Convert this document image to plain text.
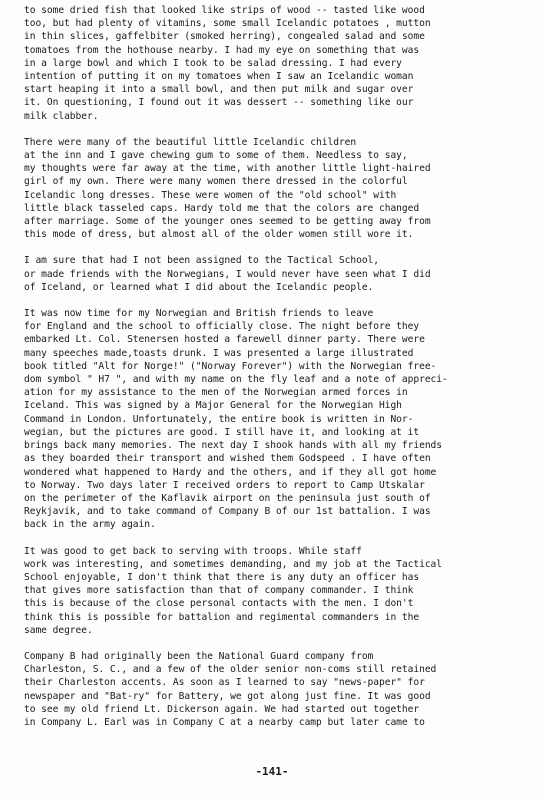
to some dried fish that looked like strips of wood -- tasted like wood
too, but had plenty of vitamins, some small Icelandic potatoes , mutton
in thin slices, gaffelbiter (smoked herring), congealed salad and some
tomatoes from the hothouse nearby. I had my eye on something that was
in a large bowl and which I took to be salad dressing. I had every
intention of putting it on my tomatoes when I saw an Icelandic woman
start heaping it into a small bowl, and then put milk and sugar over
it. On questioning, I found out it was dessert -- something like our
milk clabber.

There were many of the beautiful little Icelandic children
at the inn and I gave chewing gum to some of them. Needless to say,
my thoughts were far away at the time, with another little light-haired
girl of my own. There were many women there dressed in the colorful
Icelandic long dresses. These were women of the "old school" with
little black tasseled caps. Hardy told me that the colors are changed
after marriage. Some of the younger ones seemed to be getting away from
this mode of dress, but almost all of the older women still wore it.

I am sure that had I not been assigned to the Tactical School,
or made friends with the Norwegians, I would never have seen what I did
of Iceland, or learned what I did about the Icelandic people.

It was now time for my Norwegian and British friends to leave
for England and the school to officially close. The night before they
embarked Lt. Col. Stenersen hosted a farewell dinner party. There were
many speeches made,toasts drunk. I was presented a large illustrated
book titled "Alt for Norge!" ("Norway Forever") with the Norwegian free-
dom symbol " H7 ", and with my name on the fly leaf and a note of appreci-
ation for my assistance to the men of the Norwegian armed forces in
Iceland. This was signed by a Major General for the Norwegian High
Command in London. Unfortunately, the entire book is written in Nor-
wegian, but the pictures are good. I still have it, and looking at it
brings back many memories. The next day I shook hands with all my friends
as they boarded their transport and wished them Godspeed . I have often
wondered what happened to Hardy and the others, and if they all got home
to Norway. Two days later I received orders to report to Camp Utskalar
on the perimeter of the Kaflavik airport on the peninsula just south of
Reykjavik, and to take command of Company B of our 1st battalion. I was
back in the army again.

It was good to get back to serving with troops. While staff
work was interesting, and sometimes demanding, and my job at the Tactical
School enjoyable, I don't think that there is any duty an officer has
that gives more satisfaction than that of company commander. I think
this is because of the close personal contacts with the men. I don't
think this is possible for battalion and regimental commanders in the
same degree.

Company B had originally been the National Guard company from
Charleston, S. C., and a few of the older senior non-coms still retained
their Charleston accents. As soon as I learned to say "news-paper" for
newspaper and "Bat-ry" for Battery, we got along just fine. It was good
to see my old friend Lt. Dickerson again. We had started out together
in Company L. Earl was in Company C at a nearby camp but later came to

-141-
